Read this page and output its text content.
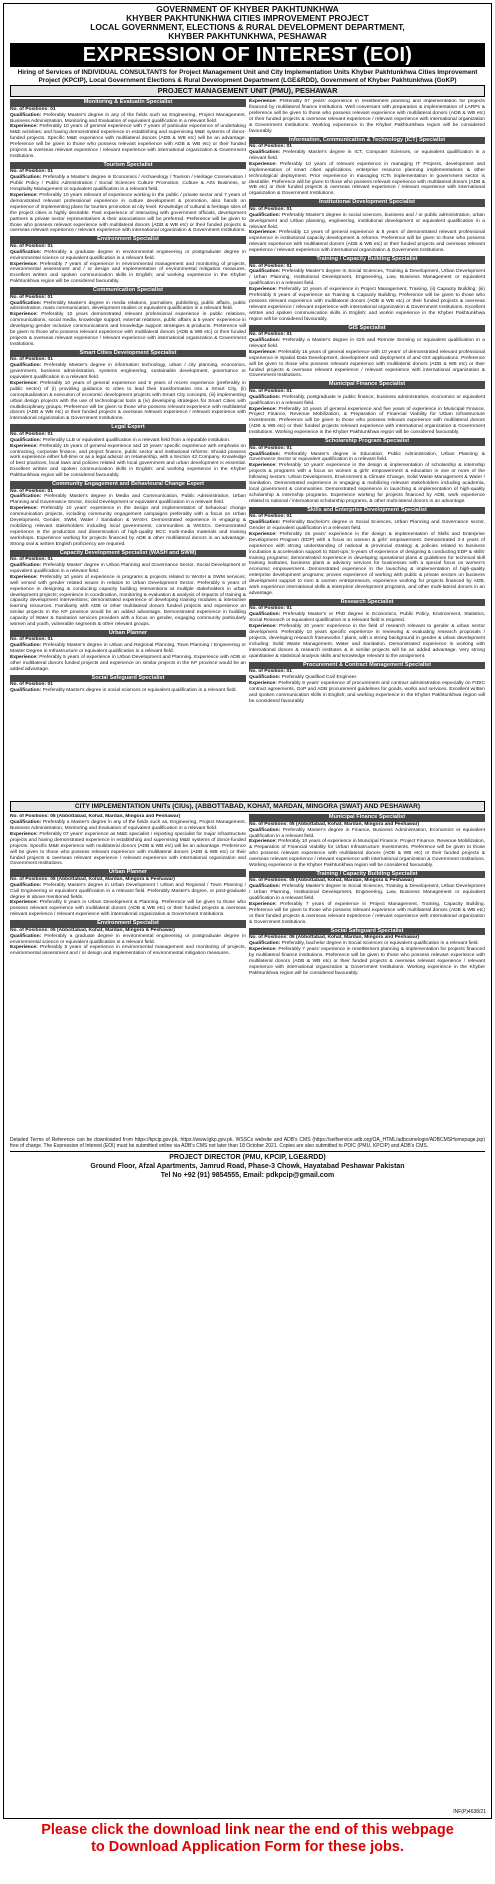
GOVERNMENT OF KHYBER PAKHTUNKHWA
KHYBER PAKHTUNKHWA CITIES IMPROVEMENT PROJECT
LOCAL GOVERNMENT, ELECTIONS & RURAL DEVELOPMENT DEPARTMENT,
KHYBER PAKHTUNKHWA, PESHAWAR
EXPRESSION OF INTEREST (EOI)
Hiring of Services of INDIVIDUAL CONSULTANTS for Project Management Unit and City Implementation Units Khyber Pakhtunkhwa Cities Improvement Project (KPCIP), Local Government Elections & Rural Development Department (LGE&RDD), Government of Khyber Pakhtunkhwa (GoKP)
PROJECT MANAGEMENT UNIT (PMU), PESHAWAR
Monitoring & Evaluatin Specialist

No. of Positions: 01

Qualification: Preferably Master's degree in any of the fields such as Engineering, Project Management, Business Administration, Monitoring and Evaluation of equivalent qualification in a relevant field.

Experience: Preferably 10 years of general experience with 7 years of particular experience of undertaking M&E activities; and having demonstrated experience in establishing and supervising M&E systems of donor-funded projects. Specific M&E experience with multilateral donors (ADB & WB etc) will be an advantage. Preference will be given to those who possess relevant experience with ADB & WB etc) or their funded projects & overseas relevant experience / relevant experience with international organization & Government Institutions.

Tourism Specialist

No. of Position: 01

Qualification: Preferably a Master's degree in Economics / Archaeology / Tourism / Heritage Conservation / Public Policy / Public Administration / Social Sciences Culture Promotion, Culture & Arts Business, or Hospitality Management or equivalent qualification in a relevant field.

Experience: Preferably 10 years relevant of experience working in the public / private sector and 7 years of demonstrated relevant professional experience in culture development & promotion, also hands on experience of implementing plans for tourism promotion at city level. Knowledge of cultural & heritage sites of the project cities is highly desirable. Past experience of interacting with government officials, development partners & private sector representatives & their associations will be preferred. Preference will be given to those who possess relevant experience with multilateral donors (ADB & WB etc) or their funded projects & overseas relevant experience / relevant experience with international organization & Government Institutions.

Environment Specialist

No. of Position: 01

Qualification: Preferably a graduate degree in environmental engineering or postgraduate degree in environmental science or equivalent qualification in a relevant field.

Experience: Preferably 7 years of experience in environmental management and monitoring of projects, environmental assessment and / or design and implementation of environmental mitigation measures. Excellent written and spoken communication skills in English; and working experience in the Khyber Pakhtunkhwa region will be considered favourably.

Communication Specialist

No. of Position: 01

Qualification: Preferably Master's degree in media relations, journalism, publishing, public affairs, public administration, mass communication, development studies or equivalent qualification in a relevant field.

Experience: Preferably 10 years demonstrated relevant professional experience in public relations, communications, social media, knowledge support, external relations, public affairs & 5 years' experience in developing gender inclusive communications and knowledge support strategies & products. Preference will be given to those who possess relevant experience with multilateral donors (ADB & WB etc) or their funded projects & overseas relevant experience / relevant experience with international organization & Government Institutions.

Smart Cities Development Specialist

No. of Position: 01

Qualification: Preferably Master's degree in information technology, urban / city planning, economics, government, business administration, systems engineering, sustainable development, governance or equivalent qualification in a relevant field.

Experience: Preferably 10 years of general experience and 5 years of recent experience (preferably in public sector) of (i) providing guidance to cities to lead their transformation into a Smart City, (ii) conceptualization & execution of economic development projects with Smart City concepts, (iii) implementing urban design projects with the use of technological tools & (iv) developing strategies for Smart Cities with multidisciplinary groups. Preference will be given to those who possess relevant experience with multilateral donors (ADB & WB etc) or their funded projects & overseas relevant experience / relevant experience with international organization & Government Institutions.

Legal Expert

No. of Position: 01

Qualification: Preferably LLB or equivalent qualification in a relevant field from a reputable institution.

Experience: Preferably 15 years of general experience and 10 years' specific experience with emphasis on contracting, corporate finance, and project finance, public sector and institutional reforms. Should possess work experience either full-time or as a legal advisor on retainership, with a Section 42 Company. Knowledge of best practices, local laws and policies related with local government and urban development is essential. Excellent written and spoken communication skills in English; and working experience in the Khyber Pakhtunkhwa region will be considered favourably.

Community Engagement and Behavioural Change Expert

No. of Position: 01

Qualification: Preferably Master's degree in Media and Communication, Public Administration, Urban Planning and Governance Sector, Social Development or equivalent qualification in a relevant field.

Experience: Preferably 10 years' experience in the design and implementation of behaviour change communication projects, including community engagement campaigns preferably with a focus on Urban Development, Gender, SWM, Water / Sanitation & WASH. Demonstrated experience in engaging & mobilizing relevant stakeholders including local governments, communities & WSSCs. Demonstrated experience in the production and dissemination of high-quality BCC multi-media materials and training workshops. Experience working for projects financed by ADB & other multilateral donors in an advantage. Strong oral & written English proficiency are required.

Capacity Development Specialist (WASH and SWM)

No. of Position: 01

Qualification: Preferably Master' degree in Urban Planning and Governance Sector, Social Development or equivalent qualification in a relevant field.

Experience: Preferably 10 years of experience in programs & projects related to WASH & SWM services; well versed with gender related issues in relation to Urban Development Sector. Preferably 5 years of experience in designing & conducting capacity building interventions at multiple stakeholders in urban development projects; experience in coordination, monitoring & evaluation & analysis of impacts of training & capacity development interventions; demonstrated experience of developing training modules & interactive learning resources. Familiarity with ADB or other multilateral donors funded projects and experience on similar projects in the KP province would be an added advantage. Demonstrated experience in building capacity of Water & Sanitation services providers with a focus on gender, engaging community particularly women and youth, vulnerable segments & other relevant groups.

Urban Planner

No. of Position: 01

Qualification: Preferably Master's degree in Urban and Regional Planning, Town Planning / Engineering or Master Degree in Infrastructure or equivalent qualification in a relevant field.

Experience: Preferably 5 years of experience in Urban Development and Planning. Experience with ADB or other multilateral donors funded projects and experience on similar projects in the KP province would be an added advantage.

Social Safeguard Specialist

No. of Position: 01

Qualification: Preferably Master's degree in social sciences or equivalent qualification in a relevant field.

Experience: Preferably 07 years' experience in resettlement planning and implementation for projects financed by multilateral finance institutions. Well conversant with preparation & implementation of LARPs & preference will be given to those who possess relevant experience with multilateral donors (ADB & WB etc) or their funded projects & overseas relevant experience / relevant experience with international organization & Government Institutions. Working experience in the Khyber Pakhtunkhwa region will be considered favourably.

Information, Communication & Technology (ICT) Specialist

No. of Position: 01

Qualification: Preferably Master's degree in ICT, Computer Sciences, or equivalent qualification in a relevant field.

Experience: Preferably 10 years of relevant experience in managing IT Projects, development and implementation of smart cities applications, enterprise resource planning implementations & other technological deployment. Prior experience in managing ICTs implementation in government sector is desirable. Preference will be given to those who possess relevant experience with multilateral donors (ADB & WB etc) or their funded projects & overseas relevant experience / relevant experience with international organization & Government Institutions.

Institutional Development Specialist

No. of Position: 01

Qualification: Preferably Master's degree in social sciences, business and / or public administration, urban development and Urban planning, engineering, institutional development or equivalent qualification in a relevant field.

Experience: Preferably 12 years of general experience & 8 years of demonstrated relevant professional experience in institutional capacity development & reforms. Preference will be given to those who possess relevant experience with multilateral donors (ADB & WB etc) or their funded projects and overseas relevant experience / relevant experience with international organization & Government Institutions.

Training / Capacity Building Specialist

No. of Position: 01

Qualification: Preferably Master's degree In Social Sciences, Training & Development, Urban Development / Urban Planning, Institutional Development, Engineering, Law, Business Management or equivalent qualification in a relevant field.

Experience: Preferably 10 years of experience in Project Management, Training, (ii) Capacity Building; (iii) Preferably 5 years of experience as Training & Capacity Building. Preference will be given to those who possess relevant experience with multilateral donors (ADB & WB etc) or their funded projects & overseas relevant experience / relevant experience with international organization & Government Institutions. Excellent written and spoken communication skills in English; and workin experience in the Khyber Pakhtunkhwa region will be considered favourably.

GIS Specialist

No. of Position: 01

Qualification: Preferably a Master's degree in GIS and Remote Sensing or equivalent qualification in a relevant field.

Experience: Preferably 15 years of general experience with 10 years' of demonstrated relevant professional experience in Spatial Data Development, development and deployment of and GIS applications. Preference will be given to those who possess relevant experience with multilateral donors (ADB & WB etc) or their funded projects & overseas relevant experience / relevant experience with international organization & Government Institutions.

Municipal Finance Specialist

No. of Position: 01

Qualification: Preferably, postgraduate in public finance, business administration, economics or equivalent qualification in a relevant field.

Experience: Preferably 10 years of general experience and five years of experience in Municipal Finance, Project Finance, Revenue Mobilization, & Preparation of Financial Viability for Urban Infrastructure Investments. Preference will be given to those who possess relevant experience with multilateral donors (ADB & WB etc) or their funded projects relevant experience with international organization & Government Institutions. Working experience in the Khyber Pakhtunkhwa region will be considered favourably.

Scholarship Program Specialist

No. of Position: 01

Qualification: Preferably Master's degree in Education, Public Administration, Urban Planning & Governance Sector or equivalent qualification in a relevant field.

Experience: Preferably 10 years' experience in the design & implementation of scholarship & internship projects & programs with a focus on women & girls' empowerment & education in one or more of the following sectors: Urban Development, Environment & Climate Change, Solid Waste Management & Water / Sanitation. Demonstrated experience in engaging & mobilizing relevant stakeholders including academia, local government & communities. Demonstrated experience in launching & implementation of high-quality scholarship & internship programs. Experience working for projects financed by ADB, work experience related to national / international scholarship programs, & other multi-lateral donors in an advantage.

Skills and Enterprise Development Specialist

No. of Position: 01

Qualification: Preferably Bachelor's degree in Social Sciences, Urban Planning and Governance sector, Gender or equivalent qualification in a relevant field.

Experience: Preferably 15 years' experience in the design & implementation of Skills and Enterprise Development Program (EDP) with a focus on women & girls' empowerment. Demonstrated 3-4 years of experience with strong understanding of national & provincial strategy & policies related to business incubation & acceleration support to Start-ups; 5-years of experience of designing & conducting EDP & skills' training programs; demonstrated experience in developing operational plans & guidelines for technical skill training institutes, business plans & advisory services for businesses with a special focus on women's economic empowerment. Demonstrated experience in the launching & implementation of high-quality enterprise development programs; proven experience of working with public & private sectors on business development support to men & women entrepreneurs, experience working for projects financed by ADB, work experience international skills & enterprise development programs, and other multi-lateral donors in an advantage.

Research Specialist

No. of Position: 01

Qualification: Preferably Master's or PhD degree in Economics, Public Policy, Environment, Statistics, Social Research or equivalent qualification in a relevant field is required.

Experience: Preferably 10 years' experience in the field of research relevant to gender & urban sector development. Preferably 10 years specific experience in reviewing & evaluating research proposals / projects, developing research frameworks / plans, with a strong background in gender & urban development including: Solid Waste Management, Water and Sanitation. Demonstrated experience in working with international donors & research institutes & in similar projects will be an added advantage. Very strong quantitative & statistical analysis skills and knowledge relevant to the assignment.

Procurement & Contract Management Specialist

No. of Position: 01

Qualification: Preferably Qualified Civil Engineer.

Experience: Preferably 8 years' experience of procurement and contract administration especially on FIDIC contract agreements, GoP and ADB procurement guidelines for goods, works and services. Excellent written and spoken communication skills in English; and working experience in the Khyber Pakhtunkhwa region will be considered favourably.

CITY IMPLEMENTATION UNITs (CIUs), (ABBOTTABAD, KOHAT, MARDAN, MINGORA (SWAT) AND PESHAWAR)

No. of Positions: 05 (Abbottabad, Kohat, Mardan, Mingora and Peshawar)

Qualification: Preferably a Master's degree in any of the fields such as, Engineering, Project Management, Business Administration, Monitoring and Evaluation of equivalent qualification in a relevant field.

Experience: Preferably 07 years' experience as M&E specialist / reporting specialist for major infrastructure projects and having demonstrated experience in establishing and supervising M&E systems of donor-funded projects. Specific M&E experience with multilateral donors (ADB & WB etc) will be an advantage. Preference will be given to those who possess relevant experience with multilateral donors (ADB & WB etc) or their funded projects & overseas relevant experience / relevant experience with international organization and Government Institutions.

Urban Planner

No. of Positions: 05 (Abbottabad, Kohat, Mardan, Mingora & Peshawar)

Qualification: Preferably Master's degree in Urban Development / Urban and Regional / Town Planning / Civil Engineering or equivalent qualification in a relevant field. Preferably Master's degree, or post-graduate degree in above mentioned fields.

Experience: Preferably 5 years in Urban Development & Planning. Preference will be given to those who possess relevant experience with multilateral donors (ADB & WB etc) or their funded projects & overseas relevant experience / relevant experience with international organization & Government Institutions.

Environment Specialist

No. of Positions: 05 (Abbottabad, Kohat, Mardan, Mingora & Peshawar)

Qualification: Preferably a graduate degree in environmental engineering or postgraduate degree in environmental science or equivalent qualification in a relevant field.

Experience: Preferably 5 years of experience in environmental management and monitoring of projects, environmental assessment and / or design and implementation of environmental mitigation measures.

Municipal Finance Specialist

No. of Positions: 05 (Abbottabad, Kohat, Mardan, Mingora and Peshawar)

Qualification: Preferably Master's degree in Finance, Business Administration, Economics or equivalent qualification in a relevant field.

Experience: Preferably 10 years of experience in Municipal Finance, Project Finance, Revenue Mobilization, & Preparation of Financial Viability for Urban Infrastructure Investments. Preference will be given to those who possess relevant experience with multilateral donors (ADB & WB etc) or their funded projects & overseas relevant experience / relevant experience with international organization & Government Institutions. Working experience in the Khyber Pakhtunkhwa region will be considered favourably.

Training / Capacity Building Specialist

No. of Positions: 05 (Abbottabad, Kohat, Mardan, Mingora & Peshawar)

Qualification: Preferably Master's degree In Social Sciences, Training & Development, Urban Development / Urban Planning, Institutional Development, Engineering, Law, Business Management or equivalent qualification in a relevant field.

Experience: Preferably 7 years of experience in Project Management, Training, Capacity Building. Preference will be given to those who possess relevant experience with multilateral donors (ADB & WB etc) or their funded projects & overseas relevant experience / relevant experience with international organization & Government Institutions.

Social Safeguard Specialist

No. of Positions: 05 (Abbottabad, Kohat, Mardan, Mingora and Peshawar)

Qualification: Preferably, bachelor degree in Social Sciences or equivalent qualification in a relevant field.

Experience: Preferably 7 years' experience in resettlement planning & implementation for projects financed by multilateral finance institutions. Preference will be given to those who possess relevant experience with multilateral donors (ADB & WB etc) or their funded projects & overseas relevant experience / relevant experience with international organization & Government Institutions. Working experience in the Khyber Pakhtunkhwa region will be considered favourably.

Detailed Terms of Reference can be downloaded from https://kpcip.gov.pk, https://www.lgkp.gov.pk, WSSCs website and ADB's CMS (https://selfservice.adb.org/OA_HTML/adbcsmelogin/ADBCMSHomepage.jsp) free of charge. The Expression of Interest (EOI) must be submitted online via ADB's CMS not later than 18 October 2021. Copies are also submitted to PDIC (PMU, KPCIP) and ADB's CMS.
PROJECT DIRECTOR (PMU, KPCIP, LGE&RDD)
Ground Floor, Afzal Apartments, Jamrud Road, Phase-3 Chowk, Hayatabad Peshawar Pakistan
Tel No +92 (91) 9854555, Email: pdkpcip@gmail.com
INF(P)4638/21
Please click the download link near the end of this webpage
to Download Application Form for these jobs.
